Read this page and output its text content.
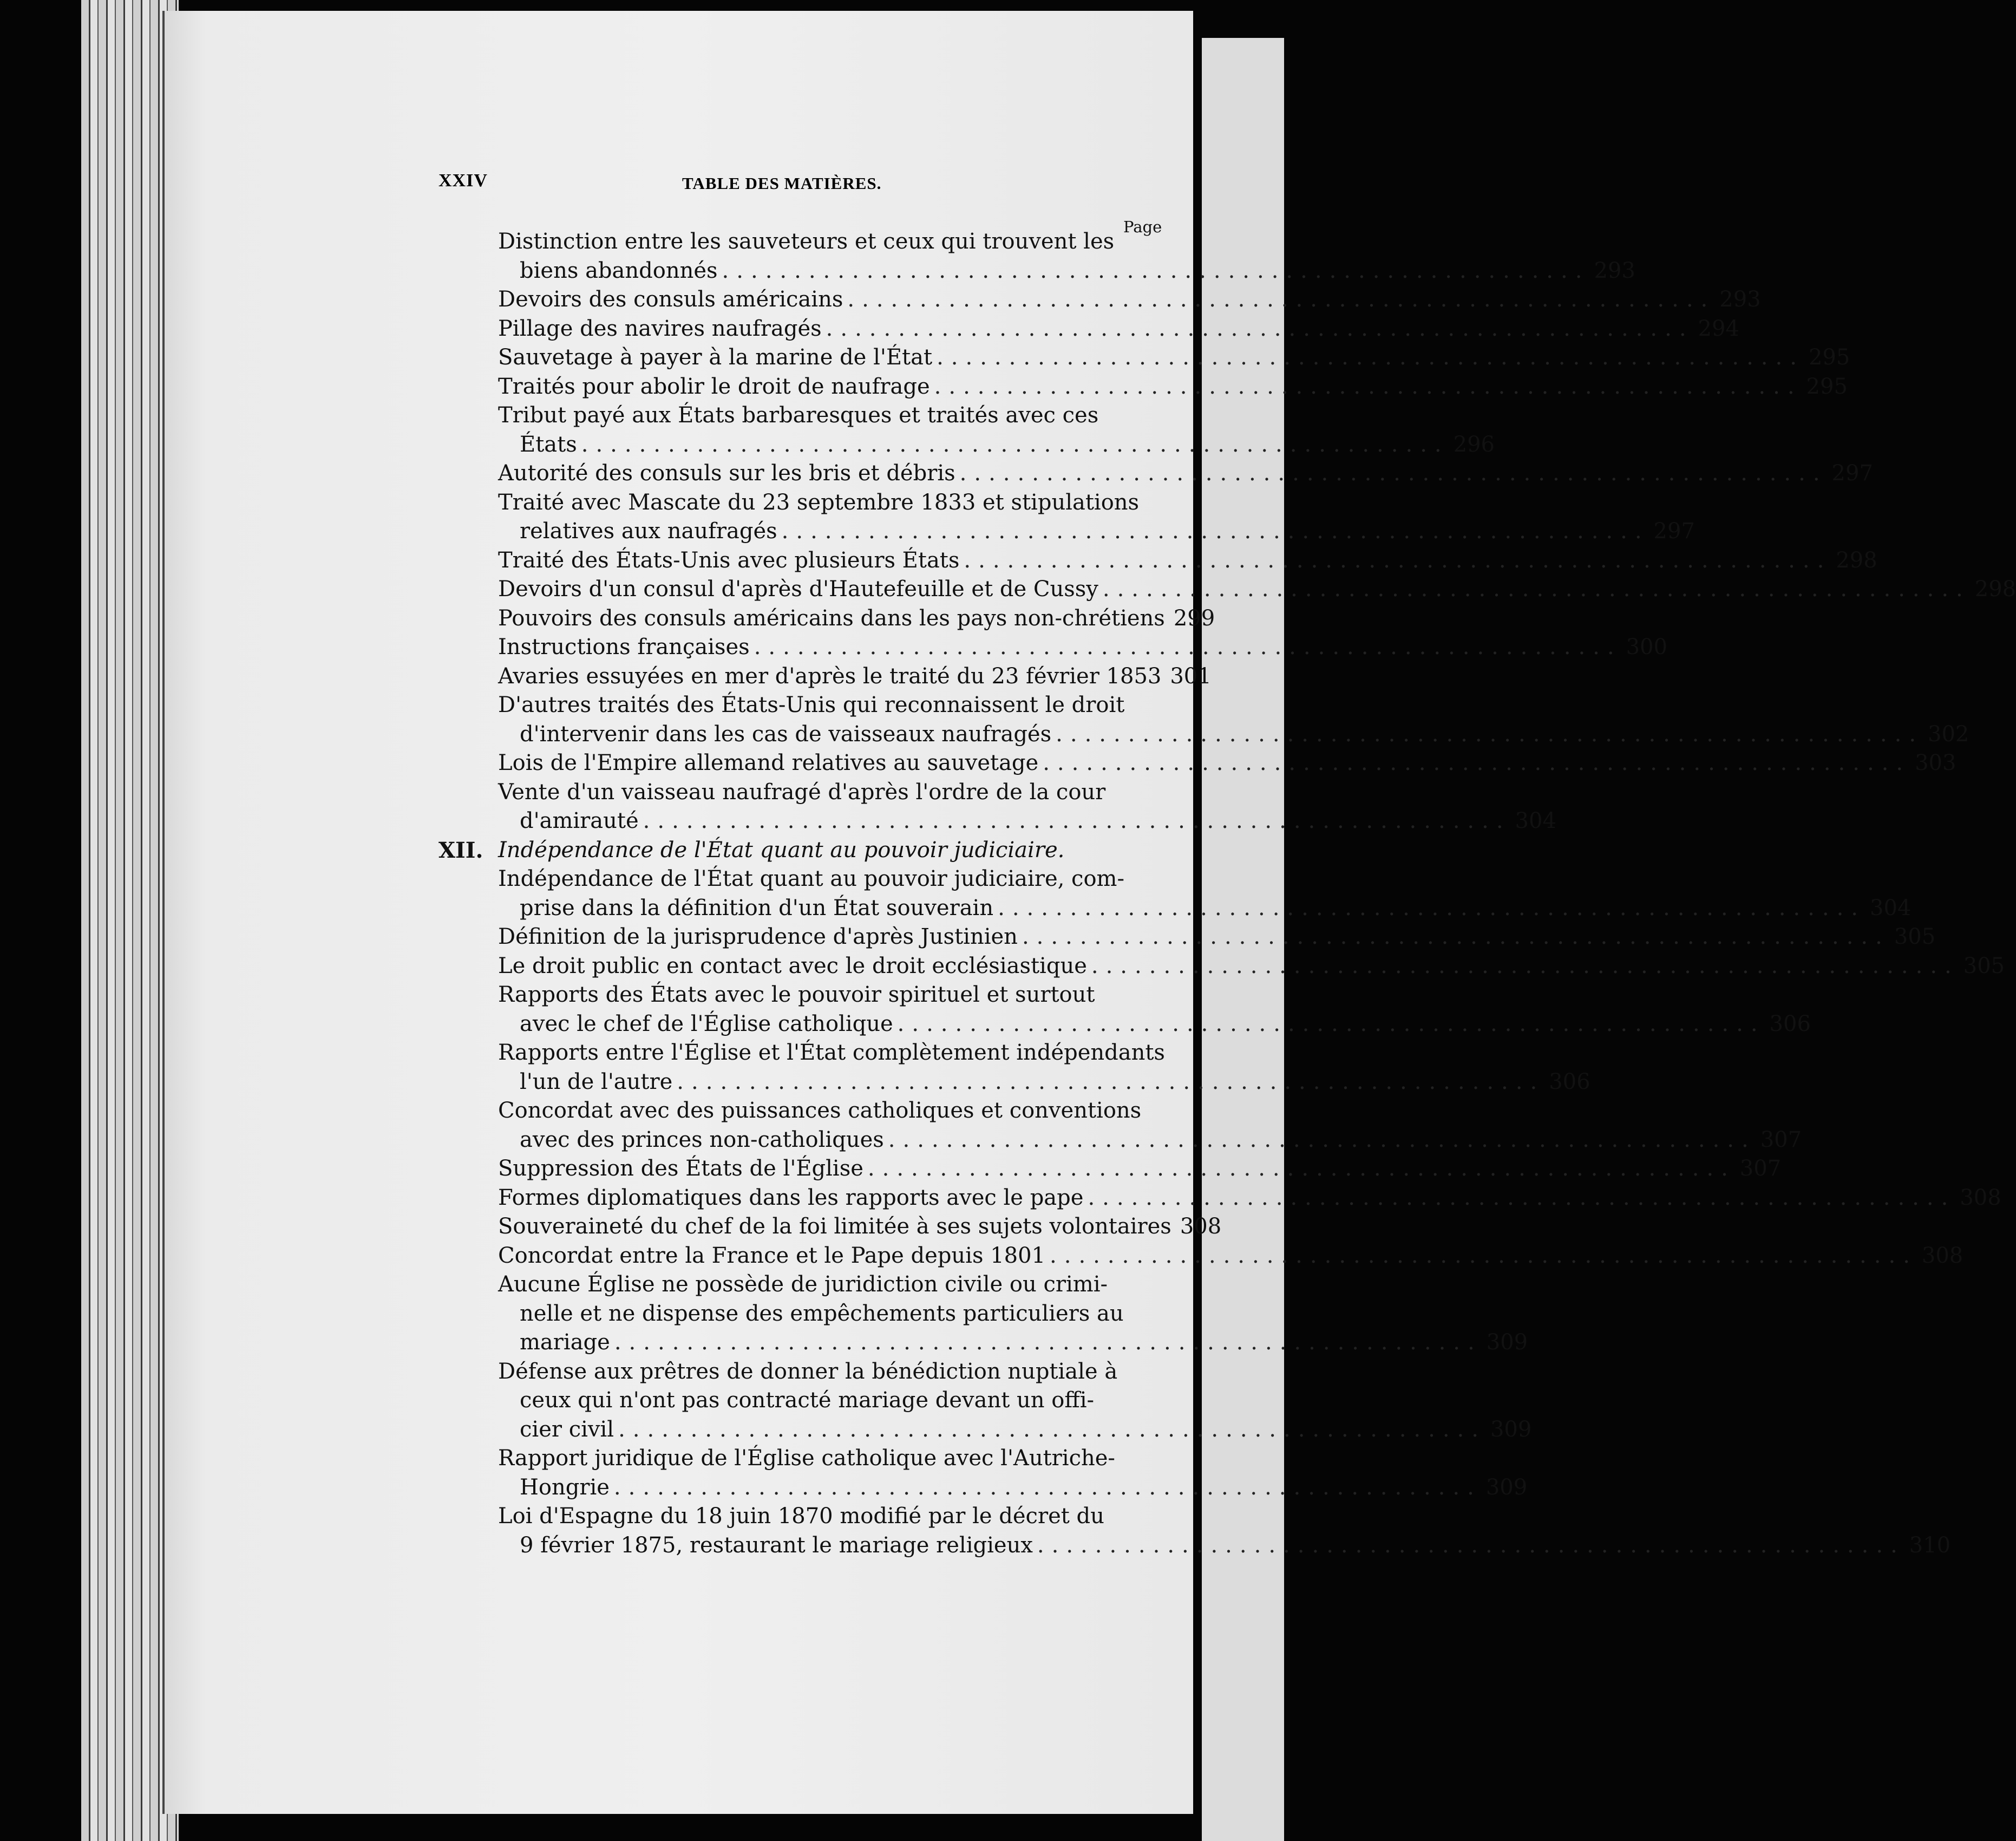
XXIV	TABLE DES MATIÈRES.
Page
Distinction entre les sauveteurs et ceux qui trouvent les
biens abandonnés ............................................................ 293
Devoirs des consuls américains ............................................................ 293
Pillage des navires naufragés ............................................................ 294
Sauvetage à payer à la marine de l'État ............................................................ 295
Traités pour abolir le droit de naufrage ............................................................ 295
Tribut payé aux États barbaresques et traités avec ces
États ............................................................ 296
Autorité des consuls sur les bris et débris ............................................................ 297
Traité avec Mascate du 23 septembre 1833 et stipulations
relatives aux naufragés ............................................................ 297
Traité des États-Unis avec plusieurs États ............................................................ 298
Devoirs d'un consul d'après d'Hautefeuille et de Cussy ............................................................ 298
Pouvoirs des consuls américains dans les pays non-chrétiens 299
Instructions françaises ............................................................ 300
Avaries essuyées en mer d'après le traité du 23 février 1853 301
D'autres traités des États-Unis qui reconnaissent le droit
d'intervenir dans les cas de vaisseaux naufragés ............................................................ 302
Lois de l'Empire allemand relatives au sauvetage ............................................................ 303
Vente d'un vaisseau naufragé d'après l'ordre de la cour
d'amirauté ............................................................ 304
XII. Indépendance de l'État quant au pouvoir judiciaire.
Indépendance de l'État quant au pouvoir judiciaire, com-
prise dans la définition d'un État souverain ............................................................ 304
Définition de la jurisprudence d'après Justinien ............................................................ 305
Le droit public en contact avec le droit ecclésiastique ............................................................ 305
Rapports des États avec le pouvoir spirituel et surtout
avec le chef de l'Église catholique ............................................................ 306
Rapports entre l'Église et l'État complètement indépendants
l'un de l'autre ............................................................ 306
Concordat avec des puissances catholiques et conventions
avec des princes non-catholiques ............................................................ 307
Suppression des États de l'Église ............................................................ 307
Formes diplomatiques dans les rapports avec le pape ............................................................ 308
Souveraineté du chef de la foi limitée à ses sujets volontaires 308
Concordat entre la France et le Pape depuis 1801 ............................................................ 308
Aucune Église ne possède de juridiction civile ou crimi-
nelle et ne dispense des empêchements particuliers au
mariage ............................................................ 309
Défense aux prêtres de donner la bénédiction nuptiale à
ceux qui n'ont pas contracté mariage devant un offi-
cier civil ............................................................ 309
Rapport juridique de l'Église catholique avec l'Autriche-
Hongrie ............................................................ 309
Loi d'Espagne du 18 juin 1870 modifié par le décret du
9 février 1875, restaurant le mariage religieux ............................................................ 310
